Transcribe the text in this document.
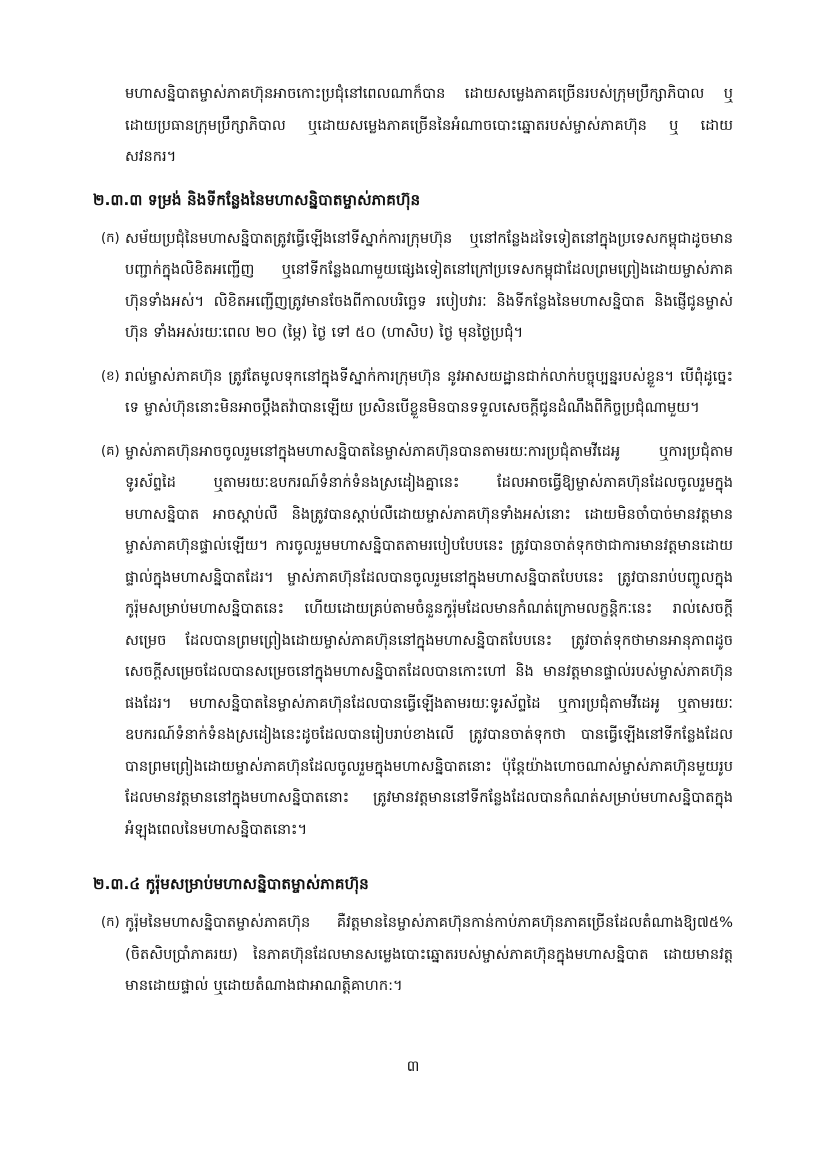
មហាសន្និបាតម្ចាស់ភាគហ៊ុនអាចកោះប្រជុំនៅពេលណាក៏បាន ដោយសម្លេងភាគច្រើនរបស់ក្រុមប្រឹក្សាភិបាល ឬដោយប្រធានក្រុមប្រឹក្សាភិបាល ឬដោយសម្លេងភាគច្រើននៃអំណាចបោះឆ្នោតរបស់ម្ចាស់ភាគហ៊ុន ឬ ដោយសវនករ។

២.៣.៣ ទម្រង់ និងទីកន្លែងនៃមហាសន្និបាតម្ចាស់ភាគហ៊ុន
(ក) សម័យប្រជុំនៃមហាសន្និបាតត្រូវធ្វើឡើងនៅទីស្នាក់ការក្រុមហ៊ុន ឬនៅកន្លែងដទៃទៀតនៅក្នុងប្រទេសកម្ពុជាដូចមានបញ្ជាក់ក្នុងលិខិតអញ្ជើញ ឬនៅទីកន្លែងណាមួយផ្សេងទៀតនៅក្រៅប្រទេសកម្ពុជាដែលព្រមព្រៀងដោយម្ចាស់ភាគហ៊ុនទាំងអស់។ លិខិតអញ្ជើញត្រូវមានចែងពីកាលបរិច្ឆេទ របៀបវារៈ និងទីកន្លែងនៃមហាសន្និបាត និងផ្ញើជូនម្ចាស់ហ៊ុន ទាំងអស់រយៈពេល ២០ (ម្ភៃ) ថ្ងៃ ទៅ ៥០ (ហាសិប) ថ្ងៃ មុនថ្ងៃប្រជុំ។
(ខ) រាល់ម្ចាស់ភាគហ៊ុន ត្រូវតែមូលទុកនៅក្នុងទីស្នាក់ការក្រុមហ៊ុន នូវអាសយដ្ឋានជាក់លាក់បច្ចុប្បន្នរបស់ខ្លួន។ បើពុំដូច្នេះទេ ម្ចាស់ហ៊ុននោះមិនអាចប្តឹងតវ៉ាបានឡើយ ប្រសិនបើខ្លួនមិនបានទទួលសេចក្តីជូនដំណឹងពីកិច្ចប្រជុំណាមួយ។
(គ) ម្ចាស់ភាគហ៊ុនអាចចូលរួមនៅក្នុងមហាសន្និបាតនៃម្ចាស់ភាគហ៊ុនបានតាមរយៈការប្រជុំតាមវីដេអូ ឬការប្រជុំតាមទូរស័ព្ទដៃ ឬតាមរយៈឧបករណ៍ទំនាក់ទំនងស្រដៀងគ្នានេះ ដែលអាចធ្វើឱ្យម្ចាស់ភាគហ៊ុនដែលចូលរួមក្នុងមហាសន្និបាត អាចស្តាប់លឺ និងត្រូវបានស្តាប់លឺដោយម្ចាស់ភាគហ៊ុនទាំងអស់នោះ ដោយមិនចាំបាច់មានវត្តមានម្ចាស់ភាគហ៊ុនផ្ទាល់ឡើយ។ ការចូលរួមមហាសន្និបាតតាមរបៀបបែបនេះ ត្រូវបានចាត់ទុកថាជាការមានវត្តមានដោយផ្ទាល់ក្នុងមហាសន្និបាតដែរ។ ម្ចាស់ភាគហ៊ុនដែលបានចូលរួមនៅក្នុងមហាសន្និបាតបែបនេះ ត្រូវបានរាប់បញ្ចូលក្នុងកូរ៉ុមសម្រាប់មហាសន្និបាតនេះ ហើយដោយគ្រប់តាមចំនួនកូរ៉ុមដែលមានកំណត់ក្រោមលក្ខន្តិកៈនេះ រាល់សេចក្តីសម្រេច ដែលបានព្រមព្រៀងដោយម្ចាស់ភាគហ៊ុននៅក្នុងមហាសន្និបាតបែបនេះ ត្រូវចាត់ទុកថាមានអានុភាពដូចសេចក្តីសម្រេចដែលបានសម្រេចនៅក្នុងមហាសន្និបាតដែលបានកោះហៅ និង មានវត្តមានផ្ទាល់របស់ម្ចាស់ភាគហ៊ុនផងដែរ។ មហាសន្និបាតនៃម្ចាស់ភាគហ៊ុនដែលបានធ្វើឡើងតាមរយៈទូរស័ព្ទដៃ ឬការប្រជុំតាមវីដេអូ ឬតាមរយៈឧបករណ៍ទំនាក់ទំនងស្រដៀងនេះដូចដែលបានរៀបរាប់ខាងលើ ត្រូវបានចាត់ទុកថា បានធ្វើឡើងនៅទីកន្លែងដែលបានព្រមព្រៀងដោយម្ចាស់ភាគហ៊ុនដែលចូលរួមក្នុងមហាសន្និបាតនោះ ប៉ុន្តែយ៉ាងហោចណាស់ម្ចាស់ភាគហ៊ុនមួយរូបដែលមានវត្តមាននៅក្នុងមហាសន្និបាតនោះ ត្រូវមានវត្តមាននៅទីកន្លែងដែលបានកំណត់សម្រាប់មហាសន្និបាតក្នុងអំឡុងពេលនៃមហាសន្និបាតនោះ។
២.៣.៤ កូរ៉ុមសម្រាប់មហាសន្និបាតម្ចាស់ភាគហ៊ុន
(ក) កូរ៉ុមនៃមហាសន្និបាតម្ចាស់ភាគហ៊ុន គឺវត្តមាននៃម្ចាស់ភាគហ៊ុនកាន់កាប់ភាគហ៊ុនភាគច្រើនដែលតំណាងឱ្យ៧៥%(ចិតសិបប្រាំភាគរយ) នៃភាគហ៊ុនដែលមានសម្លេងបោះឆ្នោតរបស់ម្ចាស់ភាគហ៊ុនក្នុងមហាសន្និបាត ដោយមានវត្តមានដោយផ្ទាល់ ឬដោយតំណាងជាអាណត្តិគាហក:។
៣
